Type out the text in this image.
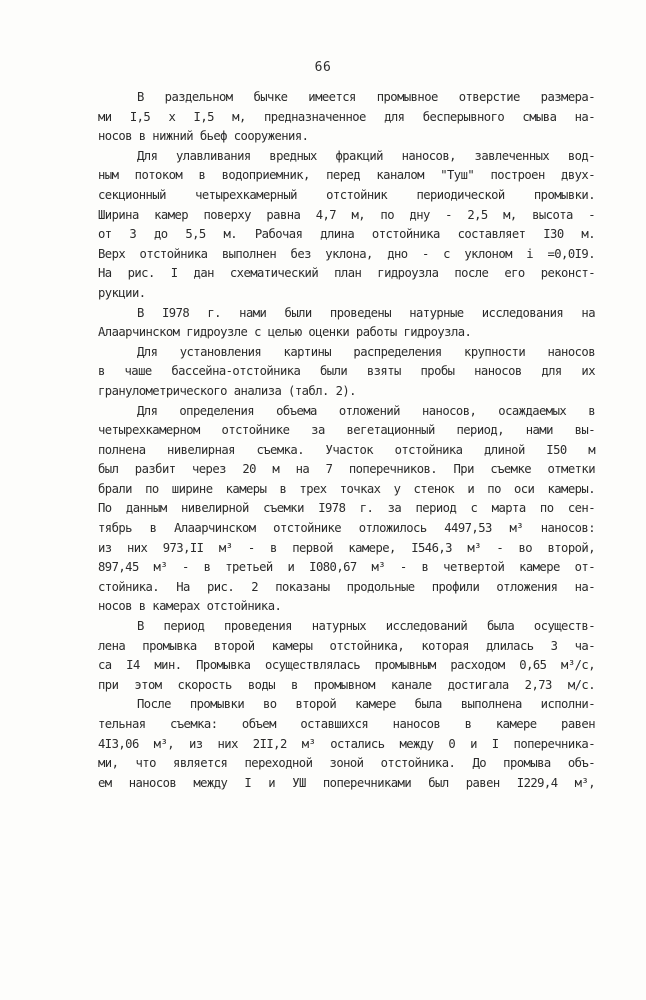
66
В раздельном бычке имеется промывное отверстие размера-
ми I,5 х I,5 м, предназначенное для бесперывного смыва на-
носов в нижний бьеф сооружения.
Для улавливания вредных фракций наносов, завлеченных вод-
ным потоком в водоприемник, перед каналом "Туш" построен двух-
секционный четырехкамерный отстойник периодической промывки.
Ширина камер поверху равна 4,7 м, по дну - 2,5 м, высота -
от 3 до 5,5 м. Рабочая длина отстойника составляет I30 м.
Верх отстойника выполнен без уклона, дно - с уклоном i =0,0I9.
На рис. I дан схематический план гидроузла после его реконст-
рукции.
В I978 г. нами были проведены натурные исследования на
Алаарчинском гидроузле с целью оценки работы гидроузла.
Для установления картины распределения крупности наносов
в чаше бассейна-отстойника были взяты пробы наносов для их
гранулометрического анализа (табл. 2).
Для определения объема отложений наносов, осаждаемых в
четырехкамерном отстойнике за вегетационный период, нами вы-
полнена нивелирная съемка. Участок отстойника длиной I50 м
был разбит через 20 м на 7 поперечников. При съемке отметки
брали по ширине камеры в трех точках у стенок и по оси камеры.
По данным нивелирной съемки I978 г. за период с марта по сен-
тябрь в Алаарчинском отстойнике отложилось 4497,53 м³ наносов:
из них 973,II м³ - в первой камере, I546,3 м³ - во второй,
897,45 м³ - в третьей и I080,67 м³ - в четвертой камере от-
стойника. На рис. 2 показаны продольные профили отложения на-
носов в камерах отстойника.
В период проведения натурных исследований была осуществ-
лена промывка второй камеры отстойника, которая длилась 3 ча-
са I4 мин. Промывка осуществлялась промывным расходом 0,65 м³/с,
при этом скорость воды в промывном канале достигала 2,73 м/с.
После промывки во второй камере была выполнена исполни-
тельная съемка: объем оставшихся наносов в камере равен
4I3,06 м³, из них 2II,2 м³ остались между 0 и I поперечника-
ми, что является переходной зоной отстойника. До промыва объ-
ем наносов между I и УШ поперечниками был равен I229,4 м³,
